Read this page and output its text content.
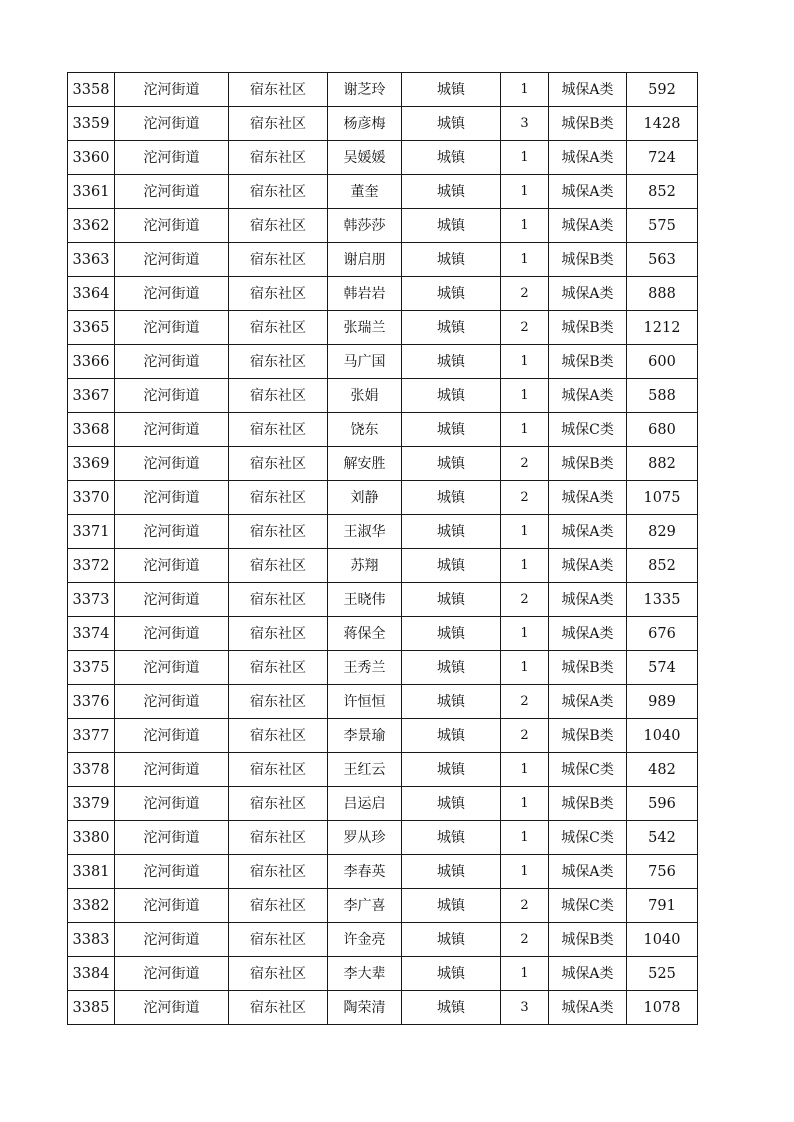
3358	沱河街道	宿东社区	谢芝玲	城镇	1	城保A类	592
3359	沱河街道	宿东社区	杨彦梅	城镇	3	城保B类	1428
3360	沱河街道	宿东社区	吴媛媛	城镇	1	城保A类	724
3361	沱河街道	宿东社区	董奎	城镇	1	城保A类	852
3362	沱河街道	宿东社区	韩莎莎	城镇	1	城保A类	575
3363	沱河街道	宿东社区	谢启朋	城镇	1	城保B类	563
3364	沱河街道	宿东社区	韩岩岩	城镇	2	城保A类	888
3365	沱河街道	宿东社区	张瑞兰	城镇	2	城保B类	1212
3366	沱河街道	宿东社区	马广国	城镇	1	城保B类	600
3367	沱河街道	宿东社区	张娟	城镇	1	城保A类	588
3368	沱河街道	宿东社区	饶东	城镇	1	城保C类	680
3369	沱河街道	宿东社区	解安胜	城镇	2	城保B类	882
3370	沱河街道	宿东社区	刘静	城镇	2	城保A类	1075
3371	沱河街道	宿东社区	王淑华	城镇	1	城保A类	829
3372	沱河街道	宿东社区	苏翔	城镇	1	城保A类	852
3373	沱河街道	宿东社区	王晓伟	城镇	2	城保A类	1335
3374	沱河街道	宿东社区	蒋保全	城镇	1	城保A类	676
3375	沱河街道	宿东社区	王秀兰	城镇	1	城保B类	574
3376	沱河街道	宿东社区	许恒恒	城镇	2	城保A类	989
3377	沱河街道	宿东社区	李景瑜	城镇	2	城保B类	1040
3378	沱河街道	宿东社区	王红云	城镇	1	城保C类	482
3379	沱河街道	宿东社区	吕运启	城镇	1	城保B类	596
3380	沱河街道	宿东社区	罗从珍	城镇	1	城保C类	542
3381	沱河街道	宿东社区	李春英	城镇	1	城保A类	756
3382	沱河街道	宿东社区	李广喜	城镇	2	城保C类	791
3383	沱河街道	宿东社区	许金亮	城镇	2	城保B类	1040
3384	沱河街道	宿东社区	李大辈	城镇	1	城保A类	525
3385	沱河街道	宿东社区	陶荣清	城镇	3	城保A类	1078
